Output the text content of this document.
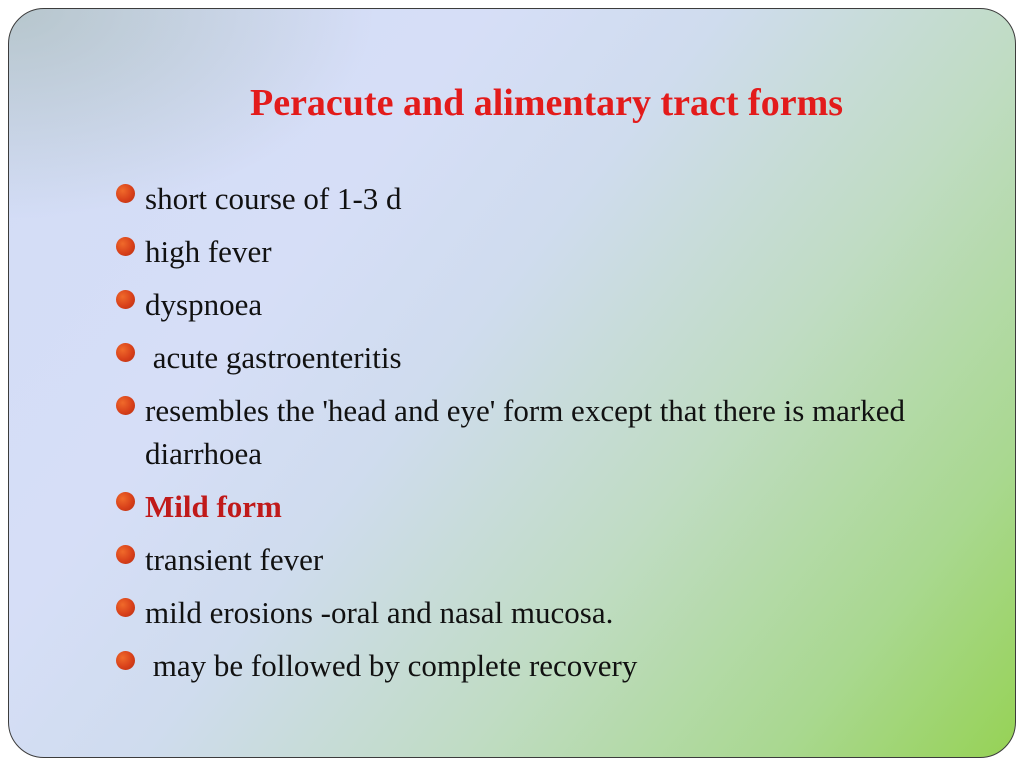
Peracute and alimentary tract forms
short course of 1-3 d
high fever
dyspnoea
acute gastroenteritis
resembles the 'head and eye' form except that there is marked diarrhoea
Mild form
transient fever
mild erosions -oral and nasal mucosa.
may be followed by complete recovery
